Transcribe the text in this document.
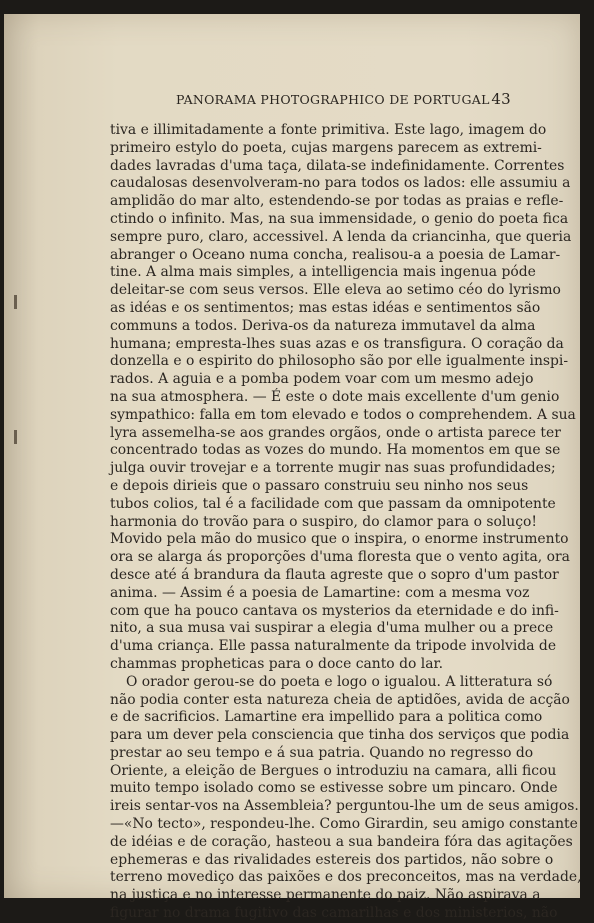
PANORAMA PHOTOGRAPHICO DE PORTUGAL 43
tiva e illimitadamente a fonte primitiva. Este lago, imagem do
primeiro estylo do poeta, cujas margens parecem as extremi-
dades lavradas d'uma taça, dilata-se indefinidamente. Correntes
caudalosas desenvolveram-no para todos os lados: elle assumiu a
amplidão do mar alto, estendendo-se por todas as praias e refle-
ctindo o infinito. Mas, na sua immensidade, o genio do poeta fica
sempre puro, claro, accessivel. A lenda da criancinha, que queria
abranger o Oceano numa concha, realisou-a a poesia de Lamar-
tine. A alma mais simples, a intelligencia mais ingenua póde
deleitar-se com seus versos. Elle eleva ao setimo céo do lyrismo
as idéas e os sentimentos; mas estas idéas e sentimentos são
communs a todos. Deriva-os da natureza immutavel da alma
humana; empresta-lhes suas azas e os transfigura. O coração da
donzella e o espirito do philosopho são por elle igualmente inspi-
rados. A aguia e a pomba podem voar com um mesmo adejo
na sua atmosphera. — É este o dote mais excellente d'um genio
sympathico: falla em tom elevado e todos o comprehendem. A sua
lyra assemelha-se aos grandes orgãos, onde o artista parece ter
concentrado todas as vozes do mundo. Ha momentos em que se
julga ouvir trovejar e a torrente mugir nas suas profundidades;
e depois dirieis que o passaro construiu seu ninho nos seus
tubos colios, tal é a facilidade com que passam da omnipotente
harmonia do trovão para o suspiro, do clamor para o soluço!
Movido pela mão do musico que o inspira, o enorme instrumento
ora se alarga ás proporções d'uma floresta que o vento agita, ora
desce até á brandura da flauta agreste que o sopro d'um pastor
anima. — Assim é a poesia de Lamartine: com a mesma voz
com que ha pouco cantava os mysterios da eternidade e do infi-
nito, a sua musa vai suspirar a elegia d'uma mulher ou a prece
d'uma criança. Elle passa naturalmente da tripode involvida de
chammas propheticas para o doce canto do lar.
O orador gerou-se do poeta e logo o igualou. A litteratura só
não podia conter esta natureza cheia de aptidões, avida de acção
e de sacrificios. Lamartine era impellido para a politica como
para um dever pela consciencia que tinha dos serviços que podia
prestar ao seu tempo e á sua patria. Quando no regresso do
Oriente, a eleição de Bergues o introduziu na camara, alli ficou
muito tempo isolado como se estivesse sobre um pincaro. Onde
ireis sentar-vos na Assembleia? perguntou-lhe um de seus amigos.
—«No tecto», respondeu-lhe. Como Girardin, seu amigo constante
de idéias e de coração, hasteou a sua bandeira fóra das agitações
ephemeras e das rivalidades estereis dos partidos, não sobre o
terreno movediço das paixões e dos preconceitos, mas na verdade,
na justiça e no interesse permanente do paiz. Não aspirava a
figurar no drama fugitivo das camarilhas e dos ministerios, não
